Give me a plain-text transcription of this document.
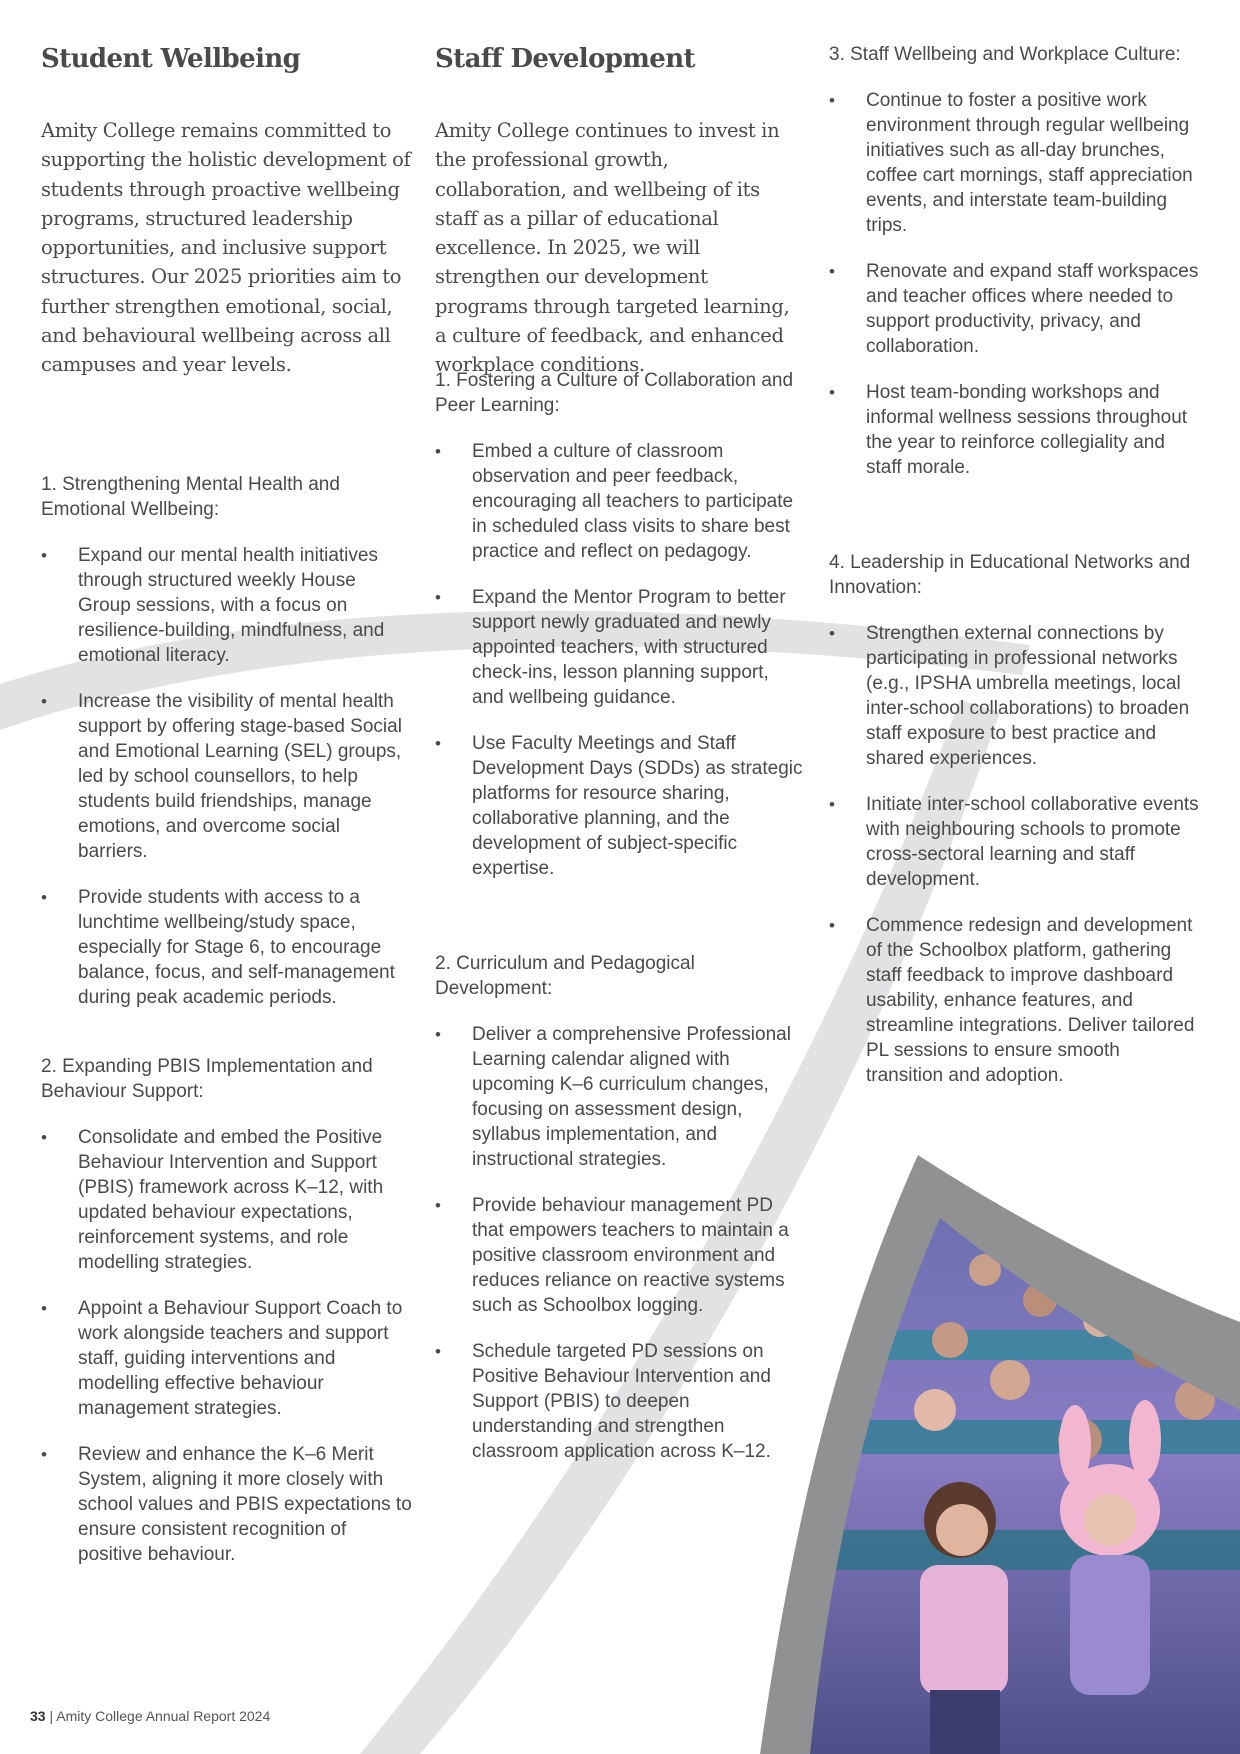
Student Wellbeing

Amity College remains committed to supporting the holistic development of students through proactive wellbeing programs, structured leadership opportunities, and inclusive support structures. Our 2025 priorities aim to further strengthen emotional, social, and behavioural wellbeing across all campuses and year levels.

1. Strengthening Mental Health and Emotional Wellbeing:

• Expand our mental health initiatives through structured weekly House Group sessions, with a focus on resilience-building, mindfulness, and emotional literacy.
• Increase the visibility of mental health support by offering stage-based Social and Emotional Learning (SEL) groups, led by school counsellors, to help students build friendships, manage emotions, and overcome social barriers.
• Provide students with access to a lunchtime wellbeing/study space, especially for Stage 6, to encourage balance, focus, and self-management during peak academic periods.

2. Expanding PBIS Implementation and Behaviour Support:

• Consolidate and embed the Positive Behaviour Intervention and Support (PBIS) framework across K–12, with updated behaviour expectations, reinforcement systems, and role modelling strategies.
• Appoint a Behaviour Support Coach to work alongside teachers and support staff, guiding interventions and modelling effective behaviour management strategies.
• Review and enhance the K–6 Merit System, aligning it more closely with school values and PBIS expectations to ensure consistent recognition of positive behaviour.
Staff Development

Amity College continues to invest in the professional growth, collaboration, and wellbeing of its staff as a pillar of educational excellence. In 2025, we will strengthen our development programs through targeted learning, a culture of feedback, and enhanced workplace conditions.

1. Fostering a Culture of Collaboration and Peer Learning:

• Embed a culture of classroom observation and peer feedback, encouraging all teachers to participate in scheduled class visits to share best practice and reflect on pedagogy.
• Expand the Mentor Program to better support newly graduated and newly appointed teachers, with structured check-ins, lesson planning support, and wellbeing guidance.
• Use Faculty Meetings and Staff Development Days (SDDs) as strategic platforms for resource sharing, collaborative planning, and the development of subject-specific expertise.

2. Curriculum and Pedagogical Development:

• Deliver a comprehensive Professional Learning calendar aligned with upcoming K–6 curriculum changes, focusing on assessment design, syllabus implementation, and instructional strategies.
• Provide behaviour management PD that empowers teachers to maintain a positive classroom environment and reduces reliance on reactive systems such as Schoolbox logging.
• Schedule targeted PD sessions on Positive Behaviour Intervention and Support (PBIS) to deepen understanding and strengthen classroom application across K–12.

3. Staff Wellbeing and Workplace Culture:

• Continue to foster a positive work environment through regular wellbeing initiatives such as all-day brunches, coffee cart mornings, staff appreciation events, and interstate team-building trips.
• Renovate and expand staff workspaces and teacher offices where needed to support productivity, privacy, and collaboration.
• Host team-bonding workshops and informal wellness sessions throughout the year to reinforce collegiality and staff morale.

4. Leadership in Educational Networks and Innovation:

• Strengthen external connections by participating in professional networks (e.g., IPSHA umbrella meetings, local inter-school collaborations) to broaden staff exposure to best practice and shared experiences.
• Initiate inter-school collaborative events with neighbouring schools to promote cross-sectoral learning and staff development.
• Commence redesign and development of the Schoolbox platform, gathering staff feedback to improve dashboard usability, enhance features, and streamline integrations. Deliver tailored PL sessions to ensure smooth transition and adoption.
33 | Amity College Annual Report 2024
